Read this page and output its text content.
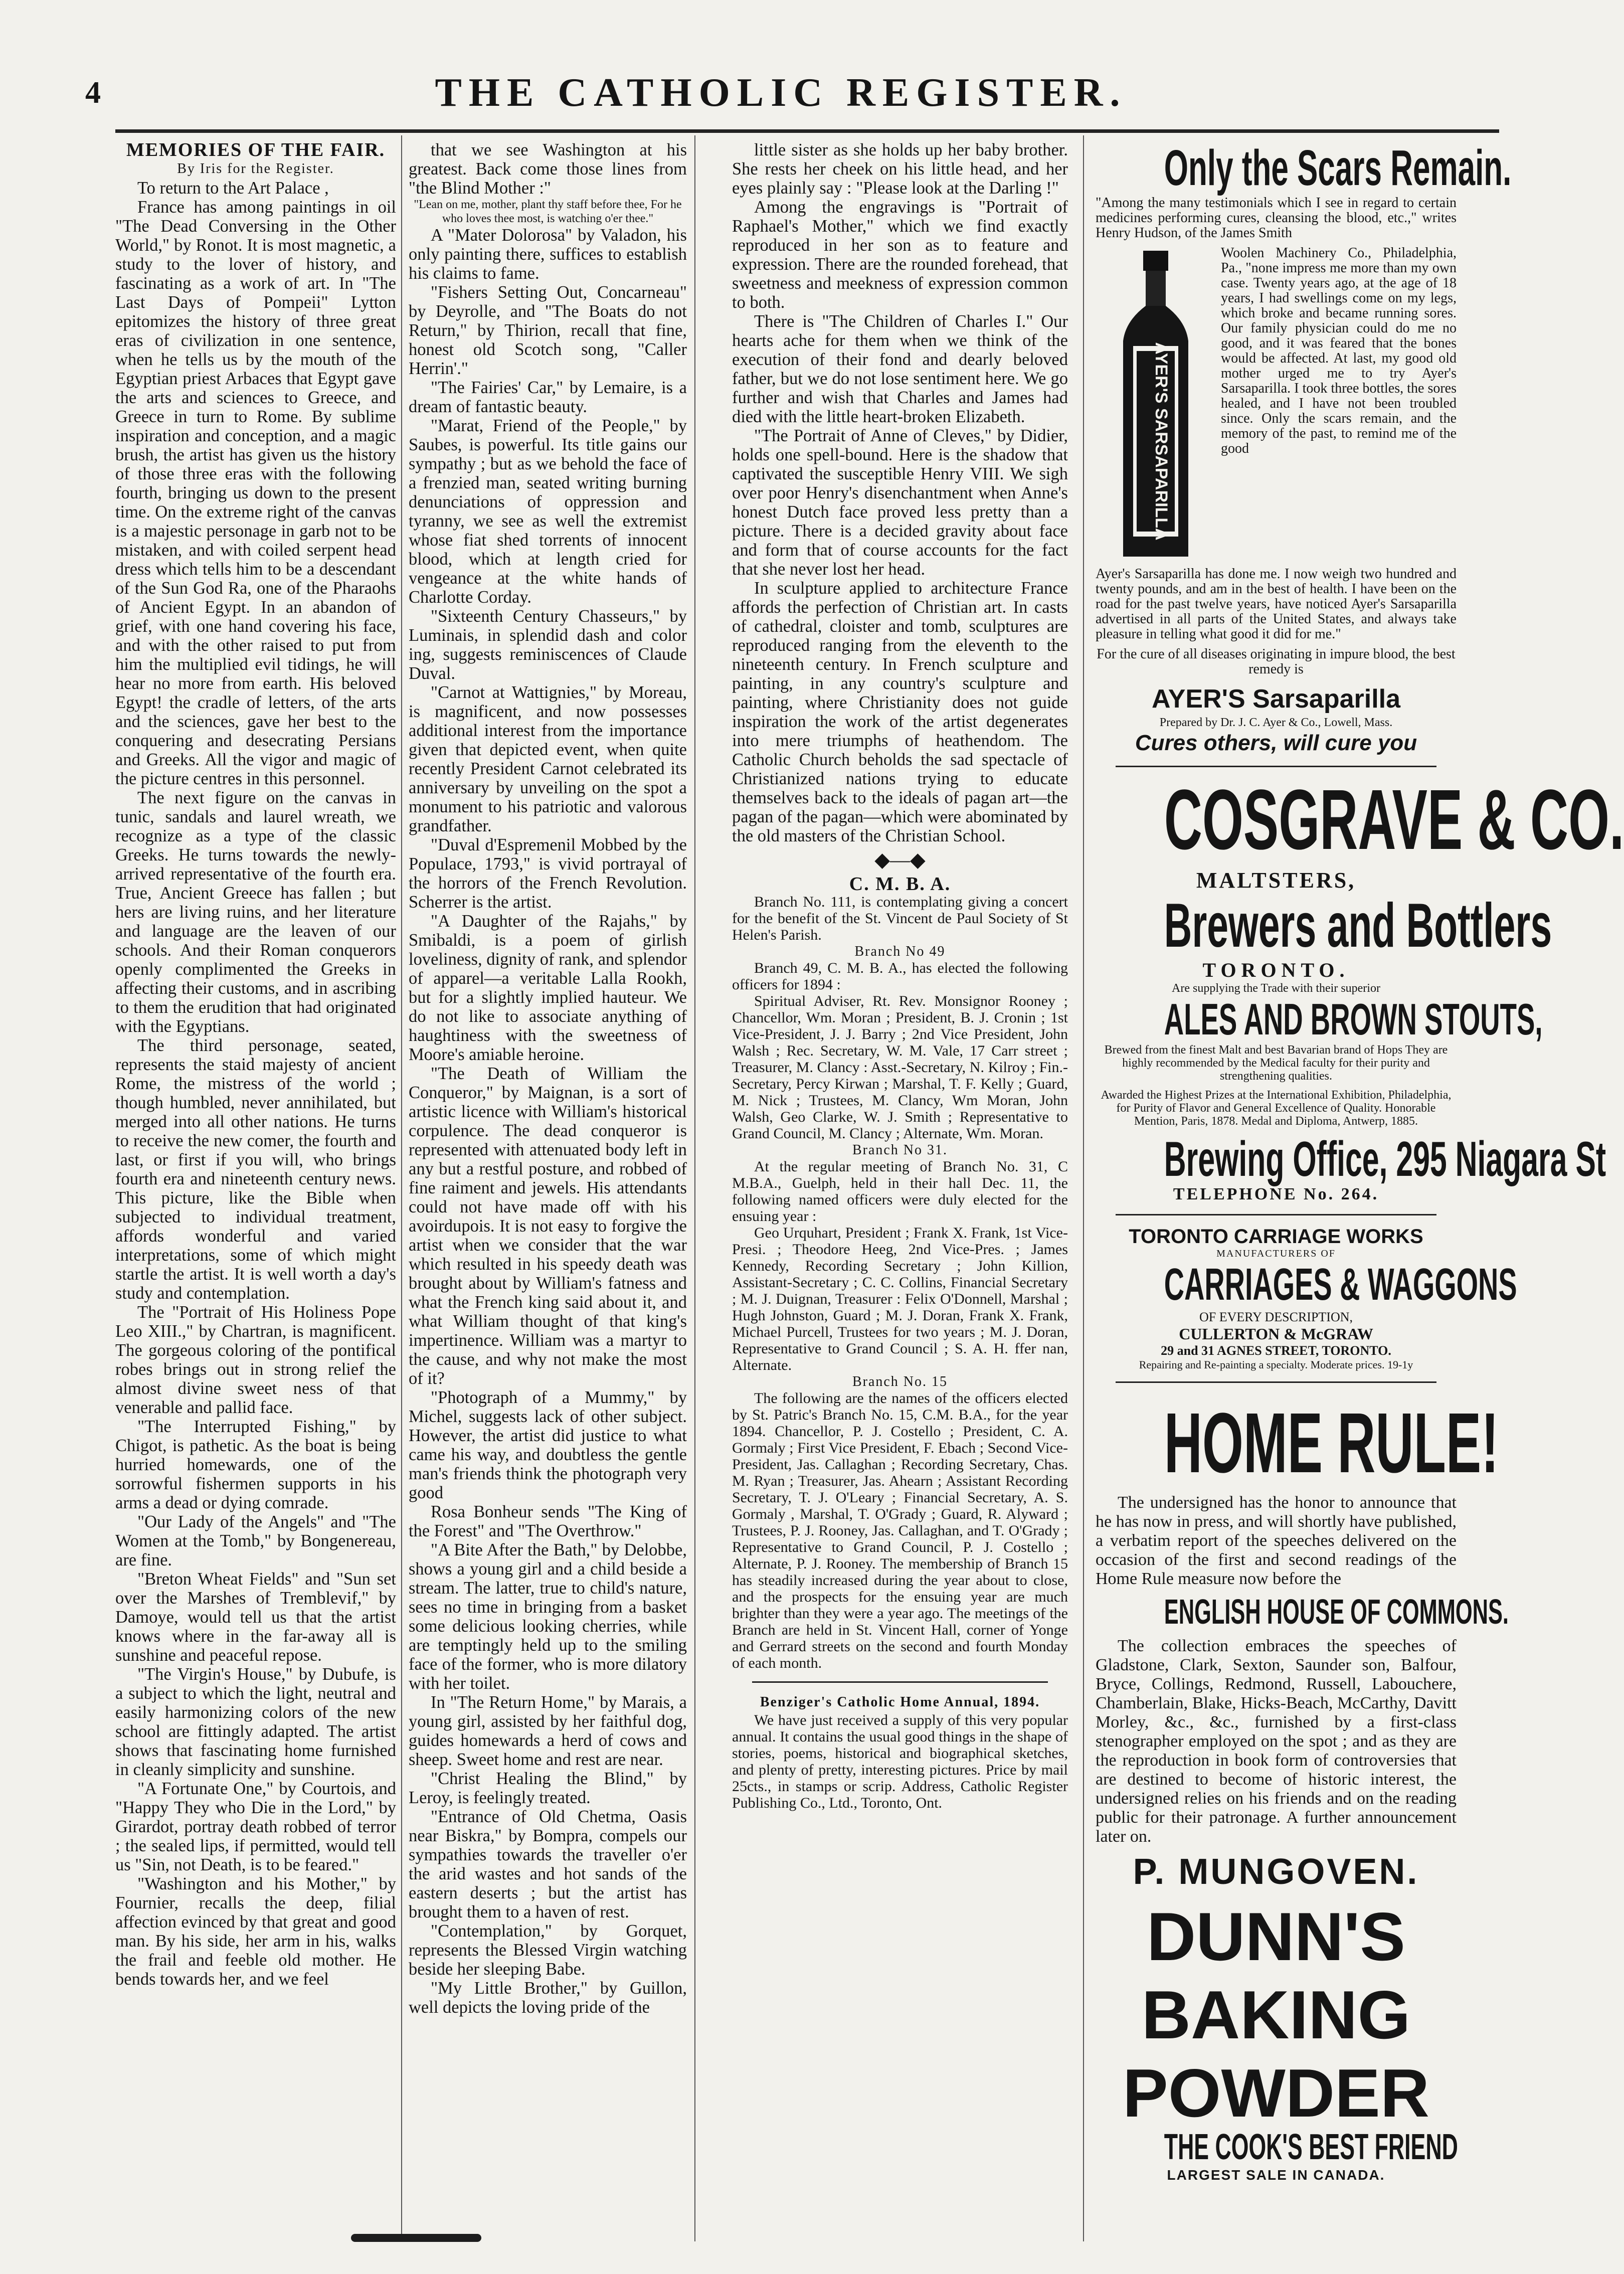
4	THE CATHOLIC REGISTER.

MEMORIES OF THE FAIR.

By Iris for the Register.

To return to the Art Palace ,

France has among paintings in oil "The Dead Conversing in the Other World," by Ronot. It is most magnetic, a study to the lover of history, and fascinating as a work of art. In "The Last Days of Pompeii" Lytton epitomizes the history of three great eras of civilization in one sentence, when he tells us by the mouth of the Egyptian priest Arbaces that Egypt gave the arts and sciences to Greece, and Greece in turn to Rome. By sublime inspiration and conception, and a magic brush, the artist has given us the history of those three eras with the following fourth, bringing us down to the present time. On the extreme right of the canvas is a majestic personage in garb not to be mistaken, and with coiled serpent head dress which tells him to be a descendant of the Sun God Ra, one of the Pharaohs of Ancient Egypt. In an abandon of grief, with one hand covering his face, and with the other raised to put from him the multiplied evil tidings, he will hear no more from earth. His beloved Egypt! the cradle of letters, of the arts and the sciences, gave her best to the conquering and desecrating Persians and Greeks. All the vigor and magic of the picture centres in this personnel.

The next figure on the canvas in tunic, sandals and laurel wreath, we recognize as a type of the classic Greeks. He turns towards the newly-arrived representative of the fourth era. True, Ancient Greece has fallen ; but hers are living ruins, and her literature and language are the leaven of our schools. And their Roman conquerors openly complimented the Greeks in affecting their customs, and in ascribing to them the erudition that had originated with the Egyptians.

The third personage, seated, represents the staid majesty of ancient Rome, the mistress of the world ; though humbled, never annihilated, but merged into all other nations. He turns to receive the new comer, the fourth and last, or first if you will, who brings fourth era and nineteenth century news. This picture, like the Bible when subjected to individual treatment, affords wonderful and varied interpretations, some of which might startle the artist. It is well worth a day's study and contemplation.

The "Portrait of His Holiness Pope Leo XIII.," by Chartran, is magnificent. The gorgeous coloring of the pontifical robes brings out in strong relief the almost divine sweet ness of that venerable and pallid face.

"The Interrupted Fishing," by Chigot, is pathetic. As the boat is being hurried homewards, one of the sorrowful fishermen supports in his arms a dead or dying comrade.

"Our Lady of the Angels" and "The Women at the Tomb," by Bongenereau, are fine.

"Breton Wheat Fields" and "Sun set over the Marshes of Tremblevif," by Damoye, would tell us that the artist knows where in the far-away all is sunshine and peaceful repose.

"The Virgin's House," by Dubufe, is a subject to which the light, neutral and easily harmonizing colors of the new school are fittingly adapted. The artist shows that fascinating home furnished in cleanly simplicity and sunshine.

"A Fortunate One," by Courtois, and "Happy They who Die in the Lord," by Girardot, portray death robbed of terror ; the sealed lips, if permitted, would tell us "Sin, not Death, is to be feared."

"Washington and his Mother," by Fournier, recalls the deep, filial affection evinced by that great and good man. By his side, her arm in his, walks the frail and feeble old mother. He bends towards her, and we feel

that we see Washington at his greatest. Back come those lines from "the Blind Mother :"

"Lean on me, mother, plant thy staff before thee, For he who loves thee most, is watching o'er thee."

A "Mater Dolorosa" by Valadon, his only painting there, suffices to establish his claims to fame.

"Fishers Setting Out, Concarneau" by Deyrolle, and "The Boats do not Return," by Thirion, recall that fine, honest old Scotch song, "Caller Herrin'."

"The Fairies' Car," by Lemaire, is a dream of fantastic beauty.

"Marat, Friend of the People," by Saubes, is powerful. Its title gains our sympathy ; but as we behold the face of a frenzied man, seated writing burning denunciations of oppression and tyranny, we see as well the extremist whose fiat shed torrents of innocent blood, which at length cried for vengeance at the white hands of Charlotte Corday.

"Sixteenth Century Chasseurs," by Luminais, in splendid dash and color ing, suggests reminiscences of Claude Duval.

"Carnot at Wattignies," by Moreau, is magnificent, and now possesses additional interest from the importance given that depicted event, when quite recently President Carnot celebrated its anniversary by unveiling on the spot a monument to his patriotic and valorous grandfather.

"Duval d'Espremenil Mobbed by the Populace, 1793," is vivid portrayal of the horrors of the French Revolution. Scherrer is the artist.

"A Daughter of the Rajahs," by Smibaldi, is a poem of girlish loveliness, dignity of rank, and splendor of apparel—a veritable Lalla Rookh, but for a slightly implied hauteur. We do not like to associate anything of haughtiness with the sweetness of Moore's amiable heroine.

"The Death of William the Conqueror," by Maignan, is a sort of artistic licence with William's historical corpulence. The dead conqueror is represented with attenuated body left in any but a restful posture, and robbed of fine raiment and jewels. His attendants could not have made off with his avoirdupois. It is not easy to forgive the artist when we consider that the war which resulted in his speedy death was brought about by William's fatness and what the French king said about it, and what William thought of that king's impertinence. William was a martyr to the cause, and why not make the most of it?

"Photograph of a Mummy," by Michel, suggests lack of other subject. However, the artist did justice to what came his way, and doubtless the gentle man's friends think the photograph very good

Rosa Bonheur sends "The King of the Forest" and "The Overthrow."

"A Bite After the Bath," by Delobbe, shows a young girl and a child beside a stream. The latter, true to child's nature, sees no time in bringing from a basket some delicious looking cherries, while are temptingly held up to the smiling face of the former, who is more dilatory with her toilet.

In "The Return Home," by Marais, a young girl, assisted by her faithful dog, guides homewards a herd of cows and sheep. Sweet home and rest are near.

"Christ Healing the Blind," by Leroy, is feelingly treated.

"Entrance of Old Chetma, Oasis near Biskra," by Bompra, compels our sympathies towards the traveller o'er the arid wastes and hot sands of the eastern deserts ; but the artist has brought them to a haven of rest.

"Contemplation," by Gorquet, represents the Blessed Virgin watching beside her sleeping Babe.

"My Little Brother," by Guillon, well depicts the loving pride of the

little sister as she holds up her baby brother. She rests her cheek on his little head, and her eyes plainly say : "Please look at the Darling !"

Among the engravings is "Portrait of Raphael's Mother," which we find exactly reproduced in her son as to feature and expression. There are the rounded forehead, that sweetness and meekness of expression common to both.

There is "The Children of Charles I." Our hearts ache for them when we think of the execution of their fond and dearly beloved father, but we do not lose sentiment here. We go further and wish that Charles and James had died with the little heart-broken Elizabeth.

"The Portrait of Anne of Cleves," by Didier, holds one spell-bound. Here is the shadow that captivated the susceptible Henry VIII. We sigh over poor Henry's disenchantment when Anne's honest Dutch face proved less pretty than a picture. There is a decided gravity about face and form that of course accounts for the fact that she never lost her head.

In sculpture applied to architecture France affords the perfection of Christian art. In casts of cathedral, cloister and tomb, sculptures are reproduced ranging from the eleventh to the nineteenth century. In French sculpture and painting, in any country's sculpture and painting, where Christianity does not guide inspiration the work of the artist degenerates into mere triumphs of heathendom. The Catholic Church beholds the sad spectacle of Christianized nations trying to educate themselves back to the ideals of pagan art—the pagan of the pagan—which were abominated by the old masters of the Christian School.

◆—◆

C. M. B. A.

Branch No. 111, is contemplating giving a concert for the benefit of the St. Vincent de Paul Society of St Helen's Parish.

Branch No 49

Branch 49, C. M. B. A., has elected the following officers for 1894 :

Spiritual Adviser, Rt. Rev. Monsignor Rooney ; Chancellor, Wm. Moran ; President, B. J. Cronin ; 1st Vice-President, J. J. Barry ; 2nd Vice President, John Walsh ; Rec. Secretary, W. M. Vale, 17 Carr street ; Treasurer, M. Clancy : Asst.-Secretary, N. Kilroy ; Fin.-Secretary, Percy Kirwan ; Marshal, T. F. Kelly ; Guard, M. Nick ; Trustees, M. Clancy, Wm Moran, John Walsh, Geo Clarke, W. J. Smith ; Representative to Grand Council, M. Clancy ; Alternate, Wm. Moran.

Branch No 31.

At the regular meeting of Branch No. 31, C M.B.A., Guelph, held in their hall Dec. 11, the following named officers were duly elected for the ensuing year :

Geo Urquhart, President ; Frank X. Frank, 1st Vice-Presi. ; Theodore Heeg, 2nd Vice-Pres. ; James Kennedy, Recording Secretary ; John Killion, Assistant-Secretary ; C. C. Collins, Financial Secretary ; M. J. Duignan, Treasurer : Felix O'Donnell, Marshal ; Hugh Johnston, Guard ; M. J. Doran, Frank X. Frank, Michael Purcell, Trustees for two years ; M. J. Doran, Representative to Grand Council ; S. A. H. ffer nan, Alternate.

Branch No. 15

The following are the names of the officers elected by St. Patric's Branch No. 15, C.M. B.A., for the year 1894. Chancellor, P. J. Costello ; President, C. A. Gormaly ; First Vice President, F. Ebach ; Second Vice-President, Jas. Callaghan ; Recording Secretary, Chas. M. Ryan ; Treasurer, Jas. Ahearn ; Assistant Recording Secretary, T. J. O'Leary ; Financial Secretary, A. S. Gormaly , Marshal, T. O'Grady ; Guard, R. Alyward ; Trustees, P. J. Rooney, Jas. Callaghan, and T. O'Grady ; Representative to Grand Council, P. J. Costello ; Alternate, P. J. Rooney. The membership of Branch 15 has steadily increased during the year about to close, and the prospects for the ensuing year are much brighter than they were a year ago. The meetings of the Branch are held in St. Vincent Hall, corner of Yonge and Gerrard streets on the second and fourth Monday of each month.

Benziger's Catholic Home Annual, 1894.

We have just received a supply of this very popular annual. It contains the usual good things in the shape of stories, poems, historical and biographical sketches, and plenty of pretty, interesting pictures. Price by mail 25cts., in stamps or scrip. Address, Catholic Register Publishing Co., Ltd., Toronto, Ont.

Only the Scars Remain.
"Among the many testimonials which I see in regard to certain medicines performing cures, cleansing the blood, etc.," writes Henry Hudson, of the James Smith
AYER'S SARSAPARILLA
Woolen Machinery Co., Philadelphia, Pa., "none impress me more than my own case. Twenty years ago, at the age of 18 years, I had swellings come on my legs, which broke and became running sores. Our family physician could do me no good, and it was feared that the bones would be affected. At last, my good old mother urged me to try Ayer's Sarsaparilla. I took three bottles, the sores healed, and I have not been troubled since. Only the scars remain, and the memory of the past, to remind me of the good
Ayer's Sarsaparilla has done me. I now weigh two hundred and twenty pounds, and am in the best of health. I have been on the road for the past twelve years, have noticed Ayer's Sarsaparilla advertised in all parts of the United States, and always take pleasure in telling what good it did for me."
For the cure of all diseases originating in impure blood, the best remedy is
AYER'S Sarsaparilla
Prepared by Dr. J. C. Ayer & Co., Lowell, Mass.
Cures others, will cure you
COSGRAVE & CO.
MALTSTERS,
Brewers and Bottlers
TORONTO.
Are supplying the Trade with their superior
ALES AND BROWN STOUTS,
Brewed from the finest Malt and best Bavarian brand of Hops They are highly recommended by the Medical faculty for their purity and strengthening qualities.
Awarded the Highest Prizes at the International Exhibition, Philadelphia, for Purity of Flavor and General Excellence of Quality. Honorable Mention, Paris, 1878. Medal and Diploma, Antwerp, 1885.
Brewing Office, 295 Niagara St
TELEPHONE No. 264.
TORONTO CARRIAGE WORKS
MANUFACTURERS OF
CARRIAGES & WAGGONS
OF EVERY DESCRIPTION,
CULLERTON & McGRAW
29 and 31 AGNES STREET, TORONTO.
Repairing and Re-painting a specialty. Moderate prices. 19-1y
HOME RULE!

The undersigned has the honor to announce that he has now in press, and will shortly have published, a verbatim report of the speeches delivered on the occasion of the first and second readings of the Home Rule measure now before the

ENGLISH HOUSE OF COMMONS.

The collection embraces the speeches of Gladstone, Clark, Sexton, Saunder son, Balfour, Bryce, Collings, Redmond, Russell, Labouchere, Chamberlain, Blake, Hicks-Beach, McCarthy, Davitt Morley, &c., &c., furnished by a first-class stenographer employed on the spot ; and as they are the reproduction in book form of controversies that are destined to become of historic interest, the undersigned relies on his friends and on the reading public for their patronage. A further announcement later on.

P. MUNGOVEN.
DUNN'S
BAKING
POWDER
THE COOK'S BEST FRIEND
LARGEST SALE IN CANADA.
